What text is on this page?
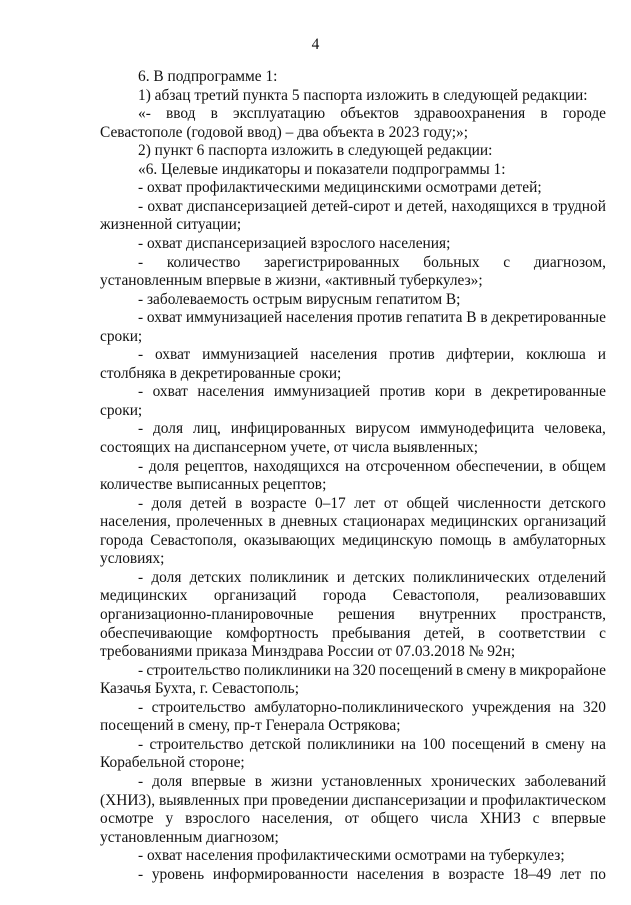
4
6. В подпрограмме 1:
1) абзац третий пункта 5 паспорта изложить в следующей редакции:
«- ввод в эксплуатацию объектов здравоохранения в городе
Севастополе (годовой ввод) – два объекта в 2023 году;»;
2) пункт 6 паспорта изложить в следующей редакции:
«6. Целевые индикаторы и показатели подпрограммы 1:
- охват профилактическими медицинскими осмотрами детей;
- охват диспансеризацией детей-сирот и детей, находящихся в трудной
жизненной ситуации;
- охват диспансеризацией взрослого населения;
- количество зарегистрированных больных с диагнозом,
установленным впервые в жизни, «активный туберкулез»;
- заболеваемость острым вирусным гепатитом В;
- охват иммунизацией населения против гепатита В в декретированные
сроки;
- охват иммунизацией населения против дифтерии, коклюша и
столбняка в декретированные сроки;
- охват населения иммунизацией против кори в декретированные
сроки;
- доля лиц, инфицированных вирусом иммунодефицита человека,
состоящих на диспансерном учете, от числа выявленных;
- доля рецептов, находящихся на отсроченном обеспечении, в общем
количестве выписанных рецептов;
- доля детей в возрасте 0–17 лет от общей численности детского
населения, пролеченных в дневных стационарах медицинских организаций
города Севастополя, оказывающих медицинскую помощь в амбулаторных
условиях;
- доля детских поликлиник и детских поликлинических отделений
медицинских организаций города Севастополя, реализовавших
организационно-планировочные решения внутренних пространств,
обеспечивающие комфортность пребывания детей, в соответствии с
требованиями приказа Минздрава России от 07.03.2018 № 92н;
- строительство поликлиники на 320 посещений в смену в микрорайоне
Казачья Бухта, г. Севастополь;
- строительство амбулаторно-поликлинического учреждения на 320
посещений в смену, пр-т Генерала Острякова;
- строительство детской поликлиники на 100 посещений в смену на
Корабельной стороне;
- доля впервые в жизни установленных хронических заболеваний
(ХНИЗ), выявленных при проведении диспансеризации и профилактическом
осмотре у взрослого населения, от общего числа ХНИЗ с впервые
установленным диагнозом;
- охват населения профилактическими осмотрами на туберкулез;
- уровень информированности населения в возрасте 18–49 лет по
